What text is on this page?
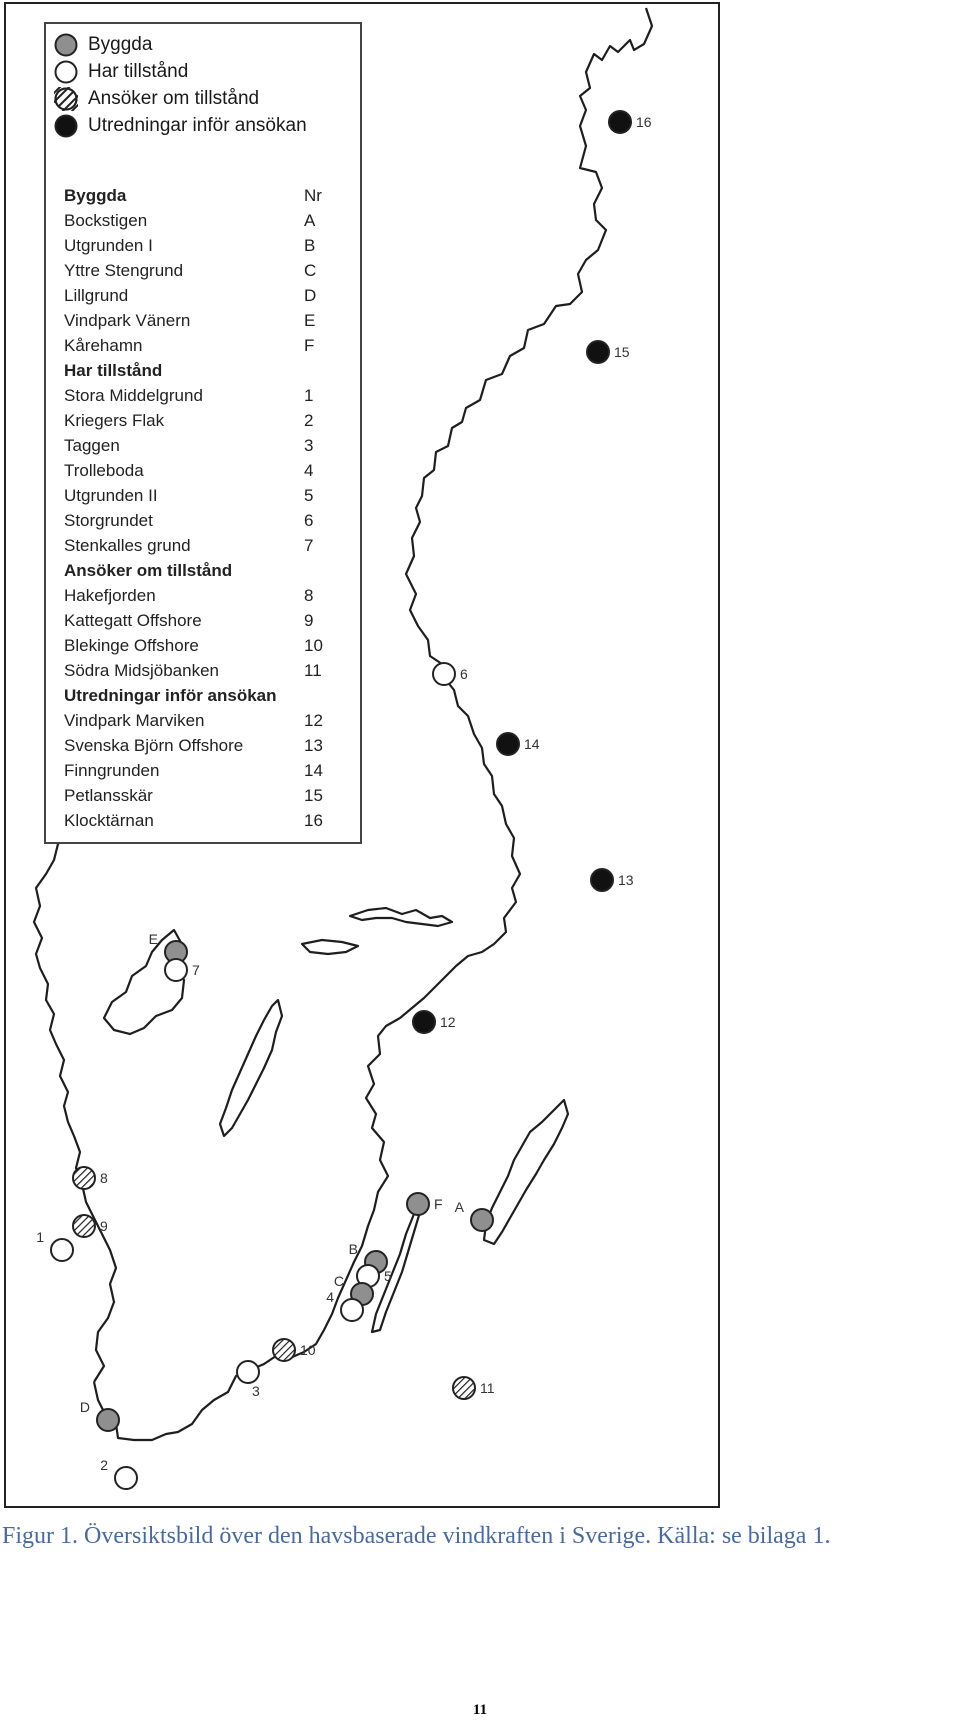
16
15
6
14
13
E
7
12
8
F A
9
1
B
5
C
4
10
3	11
D
2
Byggda
Har tillstånd
Ansöker om tillstånd
Utredningar inför ansökan
Byggda	Nr
Bockstigen	A
Utgrunden I	B
Yttre Stengrund	C
Lillgrund	D
Vindpark Vänern	E
Kårehamn	F
Har tillstånd
Stora Middelgrund	1
Kriegers Flak	2
Taggen	3
Trolleboda	4
Utgrunden II	5
Storgrundet	6
Stenkalles grund	7
Ansöker om tillstånd
Hakefjorden	8
Kattegatt Offshore	9
Blekinge Offshore	10
Södra Midsjöbanken	11
Utredningar inför ansökan
Vindpark Marviken	12
Svenska Björn Offshore	13
Finngrunden	14
Petlansskär	15
Klocktärnan	16
Figur 1. Översiktsbild över den havsbaserade vindkraften i Sverige. Källa: se bilaga 1.
11
